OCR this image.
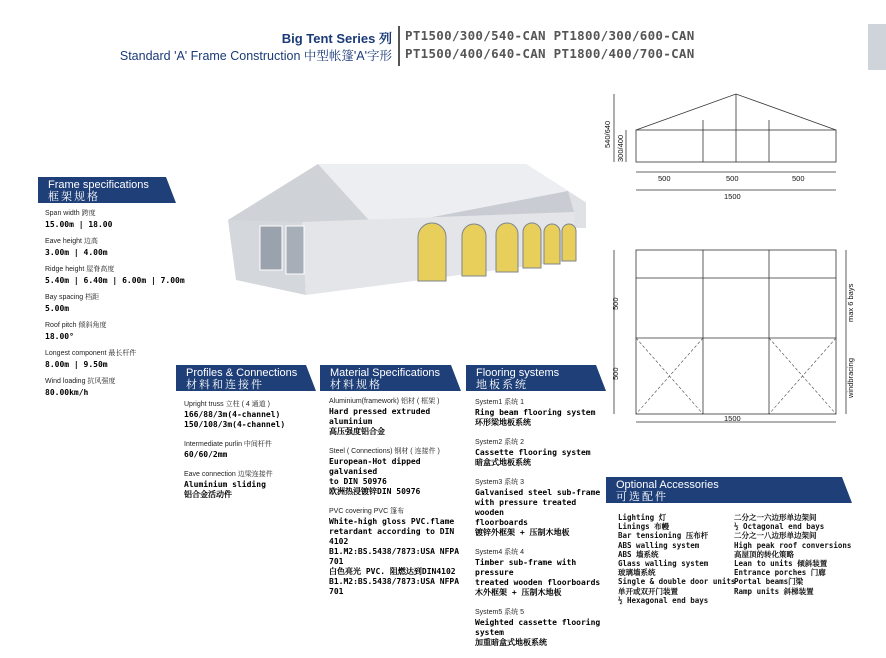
Big Tent Series 列
Standard 'A' Frame Construction 中型帐篷'A'字形
PT1500/300/540-CAN PT1800/300/600-CAN
PT1500/400/640-CAN PT1800/400/700-CAN
500	500	500
1500
540/640
300/400
500
500
max 6 bays
windbracing
1500
Frame specifications
框架规格
Span width 跨度
15.00m | 18.00
Eave height 边高
3.00m | 4.00m
Ridge height 屋脊高度
5.40m | 6.40m | 6.00m | 7.00m
Bay spacing 档距
5.00m
Roof pitch 倾斜角度
18.00°
Longest component 最长杆件
8.00m | 9.50m
Wind loading 抗风强度
80.00km/h
Profiles & Connections
材料和连接件
Upright truss 立柱 ( 4 通道 )
166/88/3m(4-channel)
150/108/3m(4-channel)
Intermediate purlin 中间杆件
60/60/2mm
Eave connection 边梁连接件
Aluminium sliding
铝合金活动件
Material Specifications
材料规格
Aluminium(framework) 铝材 ( 框架 )
Hard pressed extruded aluminium
高压强度铝合金
Steel ( Connections) 钢材 ( 连接件 )
European-Hot dipped galvanised
to DIN 50976
欧洲热浸镀锌DIN 50976
PVC covering PVC 篷布
White-high gloss PVC.flame
retardant according to DIN 4102
B1.M2:BS.5438/7873:USA NFPA 701
白色亮光 PVC. 阻燃达到DIN4102
B1.M2:BS.5438/7873:USA NFPA 701
Flooring systems
地板系统
System1 系统 1
Ring beam flooring system
环形梁地板系统
System2 系统 2
Cassette flooring system
暗盒式地板系统
System3 系统 3
Galvanised steel sub-frame
with pressure treated wooden
floorboards
镀锌外框架 + 压制木地板
System4 系统 4
Timber sub-frame with pressure
treated wooden floorboards
木外框架 + 压制木地板
System5 系统 5
Weighted cassette flooring
system
加重暗盒式地板系统
Optional Accessories
可选配件
Lighting 灯
Linings 布幔
Bar tensioning 压布杆
ABS walling system
ABS 墙系统
Glass walling system
玻璃墙系统
Single & double door units
单开或双开门装置
½ Hexagonal end bays
二分之一六边形单边架间
½ Octagonal end bays
二分之一八边形单边架间
High peak roof conversions
高屋顶的转化策略
Lean to units 倾斜装置
Entrance porches 门廊
Portal beams门梁
Ramp units 斜梯装置
